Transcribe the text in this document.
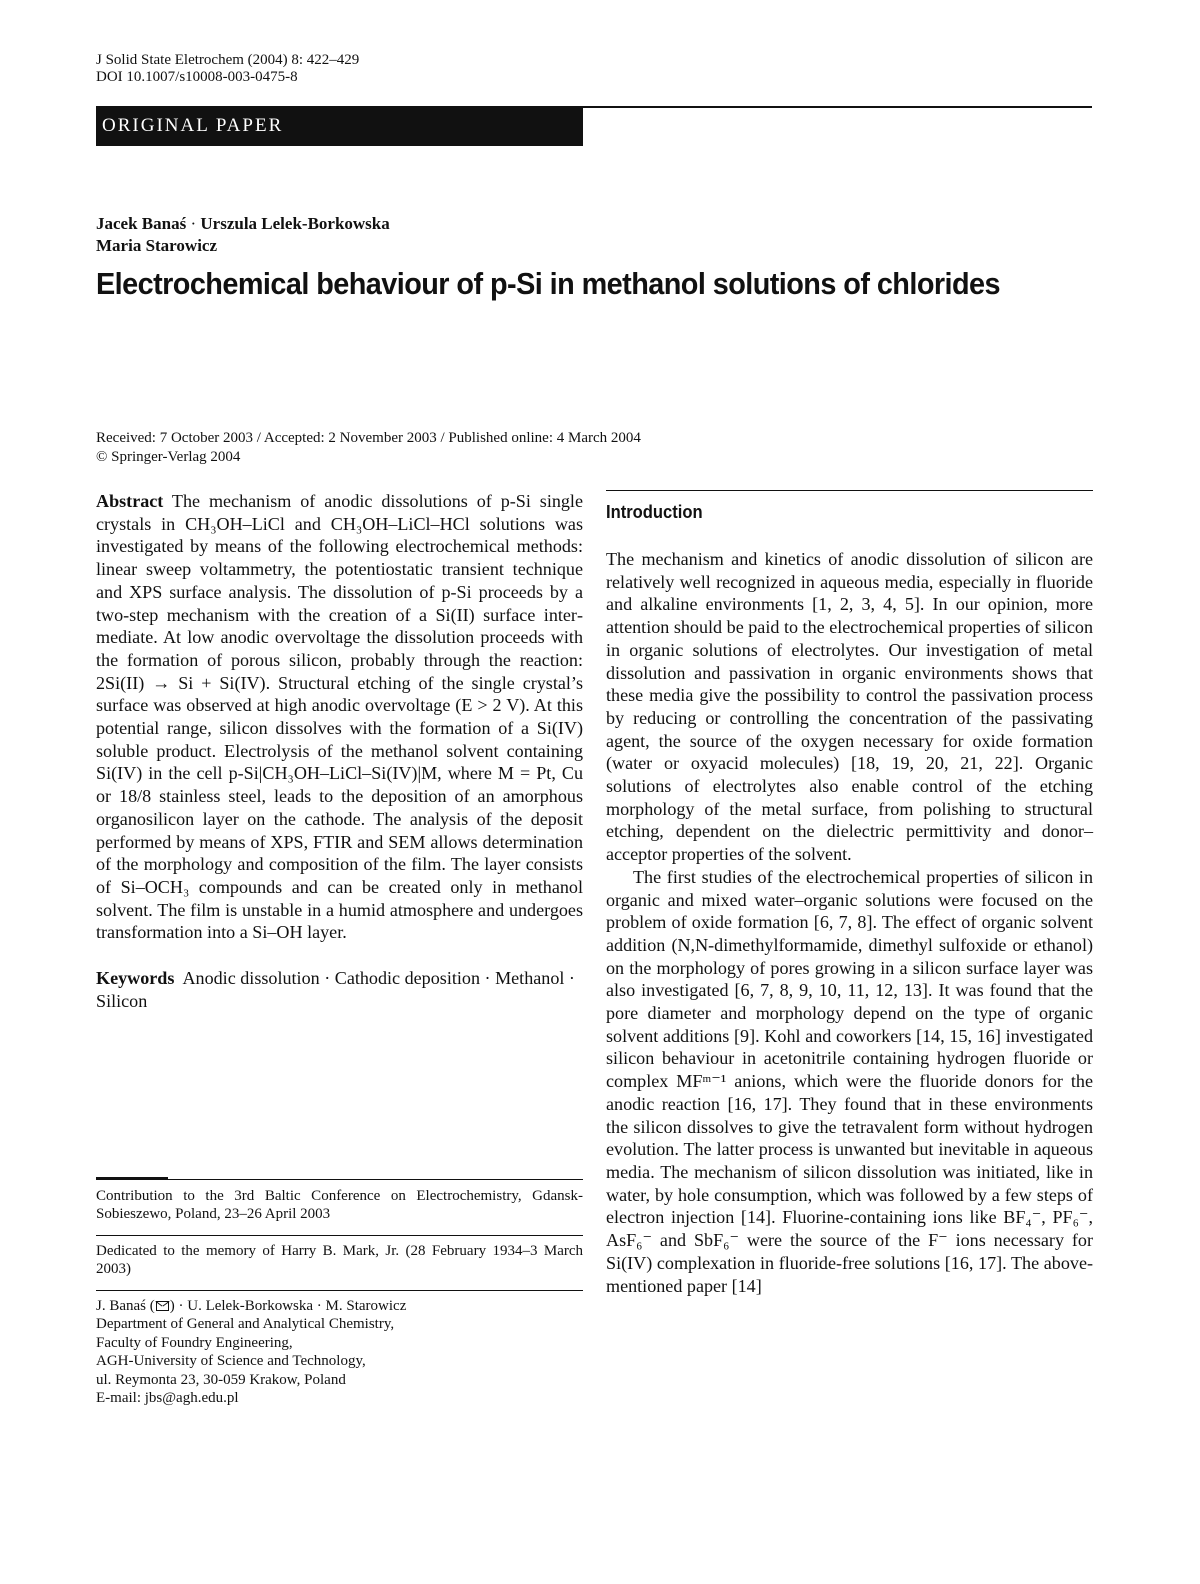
J Solid State Eletrochem (2004) 8: 422–429
DOI 10.1007/s10008-003-0475-8
ORIGINAL PAPER
Jacek Banaś · Urszula Lelek-Borkowska
Maria Starowicz
Electrochemical behaviour of p-Si in methanol solutions of chlorides
Received: 7 October 2003 / Accepted: 2 November 2003 / Published online: 4 March 2004
© Springer-Verlag 2004

Abstract The mechanism of anodic dissolutions of p-Si single crystals in CH₃OH–LiCl and CH₃OH–LiCl–HCl solutions was investigated by means of the following electrochemical methods: linear sweep voltammetry, the potentiostatic transient technique and XPS surface analysis. The dissolution of p-Si proceeds by a two-step mechanism with the creation of a Si(II) surface intermediate. At low anodic overvoltage the dissolution proceeds with the formation of porous silicon, probably through the reaction: 2Si(II) → Si + Si(IV). Structural etching of the single crystal’s surface was observed at high anodic overvoltage (E > 2 V). At this potential range, silicon dissolves with the formation of a Si(IV) soluble product. Electrolysis of the methanol solvent containing Si(IV) in the cell p-Si|CH₃OH–LiCl–Si(IV)|M, where M = Pt, Cu or 18/8 stainless steel, leads to the deposition of an amorphous organosilicon layer on the cathode. The analysis of the deposit performed by means of XPS, FTIR and SEM allows determination of the morphology and composition of the film. The layer consists of Si–OCH₃ compounds and can be created only in methanol solvent. The film is unstable in a humid atmosphere and undergoes transformation into a Si–OH layer.

Keywords Anodic dissolution · Cathodic deposition · Methanol · Silicon
Contribution to the 3rd Baltic Conference on Electrochemistry, Gdansk-Sobieszewo, Poland, 23–26 April 2003
Dedicated to the memory of Harry B. Mark, Jr. (28 February 1934–3 March 2003)
J. Banaś ( ) · U. Lelek-Borkowska · M. Starowicz
Department of General and Analytical Chemistry,
Faculty of Foundry Engineering,
AGH-University of Science and Technology,
ul. Reymonta 23, 30-059 Krakow, Poland
E-mail: jbs@agh.edu.pl
Introduction

The mechanism and kinetics of anodic dissolution of silicon are relatively well recognized in aqueous media, especially in fluoride and alkaline environments [1, 2, 3, 4, 5]. In our opinion, more attention should be paid to the electrochemical properties of silicon in organic solutions of electrolytes. Our investigation of metal dissolution and passivation in organic environments shows that these media give the possibility to control the passivation process by reducing or controlling the concentration of the passivating agent, the source of the oxygen necessary for oxide formation (water or oxyacid molecules) [18, 19, 20, 21, 22]. Organic solutions of electrolytes also enable control of the etching morphology of the metal surface, from polishing to structural etching, dependent on the dielectric permittivity and donor–acceptor properties of the solvent.

The first studies of the electrochemical properties of silicon in organic and mixed water–organic solutions were focused on the problem of oxide formation [6, 7, 8]. The effect of organic solvent addition (N,N-dimethylformamide, dimethyl sulfoxide or ethanol) on the morphology of pores growing in a silicon surface layer was also investigated [6, 7, 8, 9, 10, 11, 12, 13]. It was found that the pore diameter and morphology depend on the type of organic solvent additions [9]. Kohl and coworkers [14, 15, 16] investigated silicon behaviour in acetonitrile containing hydrogen fluoride or complex MFᵐ⁻¹ anions, which were the fluoride donors for the anodic reaction [16, 17]. They found that in these environments the silicon dissolves to give the tetravalent form without hydrogen evolution. The latter process is unwanted but inevitable in aqueous media. The mechanism of silicon dissolution was initiated, like in water, by hole consumption, which was followed by a few steps of electron injection [14]. Fluorine-containing ions like BF₄⁻, PF₆⁻, AsF₆⁻ and SbF₆⁻ were the source of the F⁻ ions necessary for Si(IV) complexation in fluoride-free solutions [16, 17]. The above-mentioned paper [14]
